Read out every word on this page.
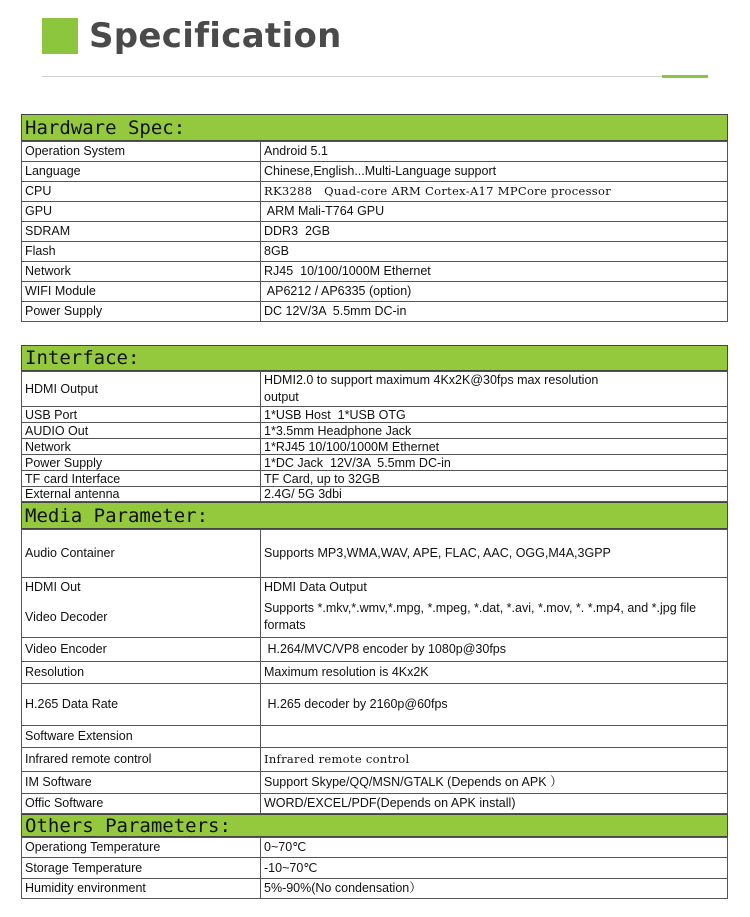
Specification
Hardware Spec:
Operation System	Android 5.1
Language	Chinese,English...Multi-Language support
CPU	RK3288   Quad-core ARM Cortex-A17 MPCore processor
GPU	ARM Mali-T764 GPU
SDRAM	DDR3  2GB
Flash	8GB
Network	RJ45  10/100/1000M Ethernet
WIFI Module	AP6212 / AP6335 (option)
Power Supply	DC 12V/3A  5.5mm DC-in
Interface:
HDMI Output	HDMI2.0 to support maximum 4Kx2K@30fps max resolution output
USB Port	1*USB Host  1*USB OTG
AUDIO Out	1*3.5mm Headphone Jack
Network	1*RJ45 10/100/1000M Ethernet
Power Supply	1*DC Jack  12V/3A  5.5mm DC-in
TF card Interface	TF Card, up to 32GB
External antenna	2.4G/ 5G 3dbi
Media Parameter:
Audio Container	Supports MP3,WMA,WAV, APE, FLAC, AAC, OGG,M4A,3GPP
HDMI Out	HDMI Data Output
Video Decoder	Supports *.mkv,*.wmv,*.mpg, *.mpeg, *.dat, *.avi, *.mov, *. *.mp4, and *.jpg file formats
Video Encoder	H.264/MVC/VP8 encoder by 1080p@30fps
Resolution	Maximum resolution is 4Kx2K
H.265 Data Rate	H.265 decoder by 2160p@60fps
Software Extension	
Infrared remote control	Infrared remote control
IM Software	Support Skype/QQ/MSN/GTALK (Depends on APK ）
Offic Software	WORD/EXCEL/PDF(Depends on APK install)
Others Parameters:
Operationg Temperature	0~70℃
Storage Temperature	-10~70℃
Humidity environment	5%-90%(No condensation）
